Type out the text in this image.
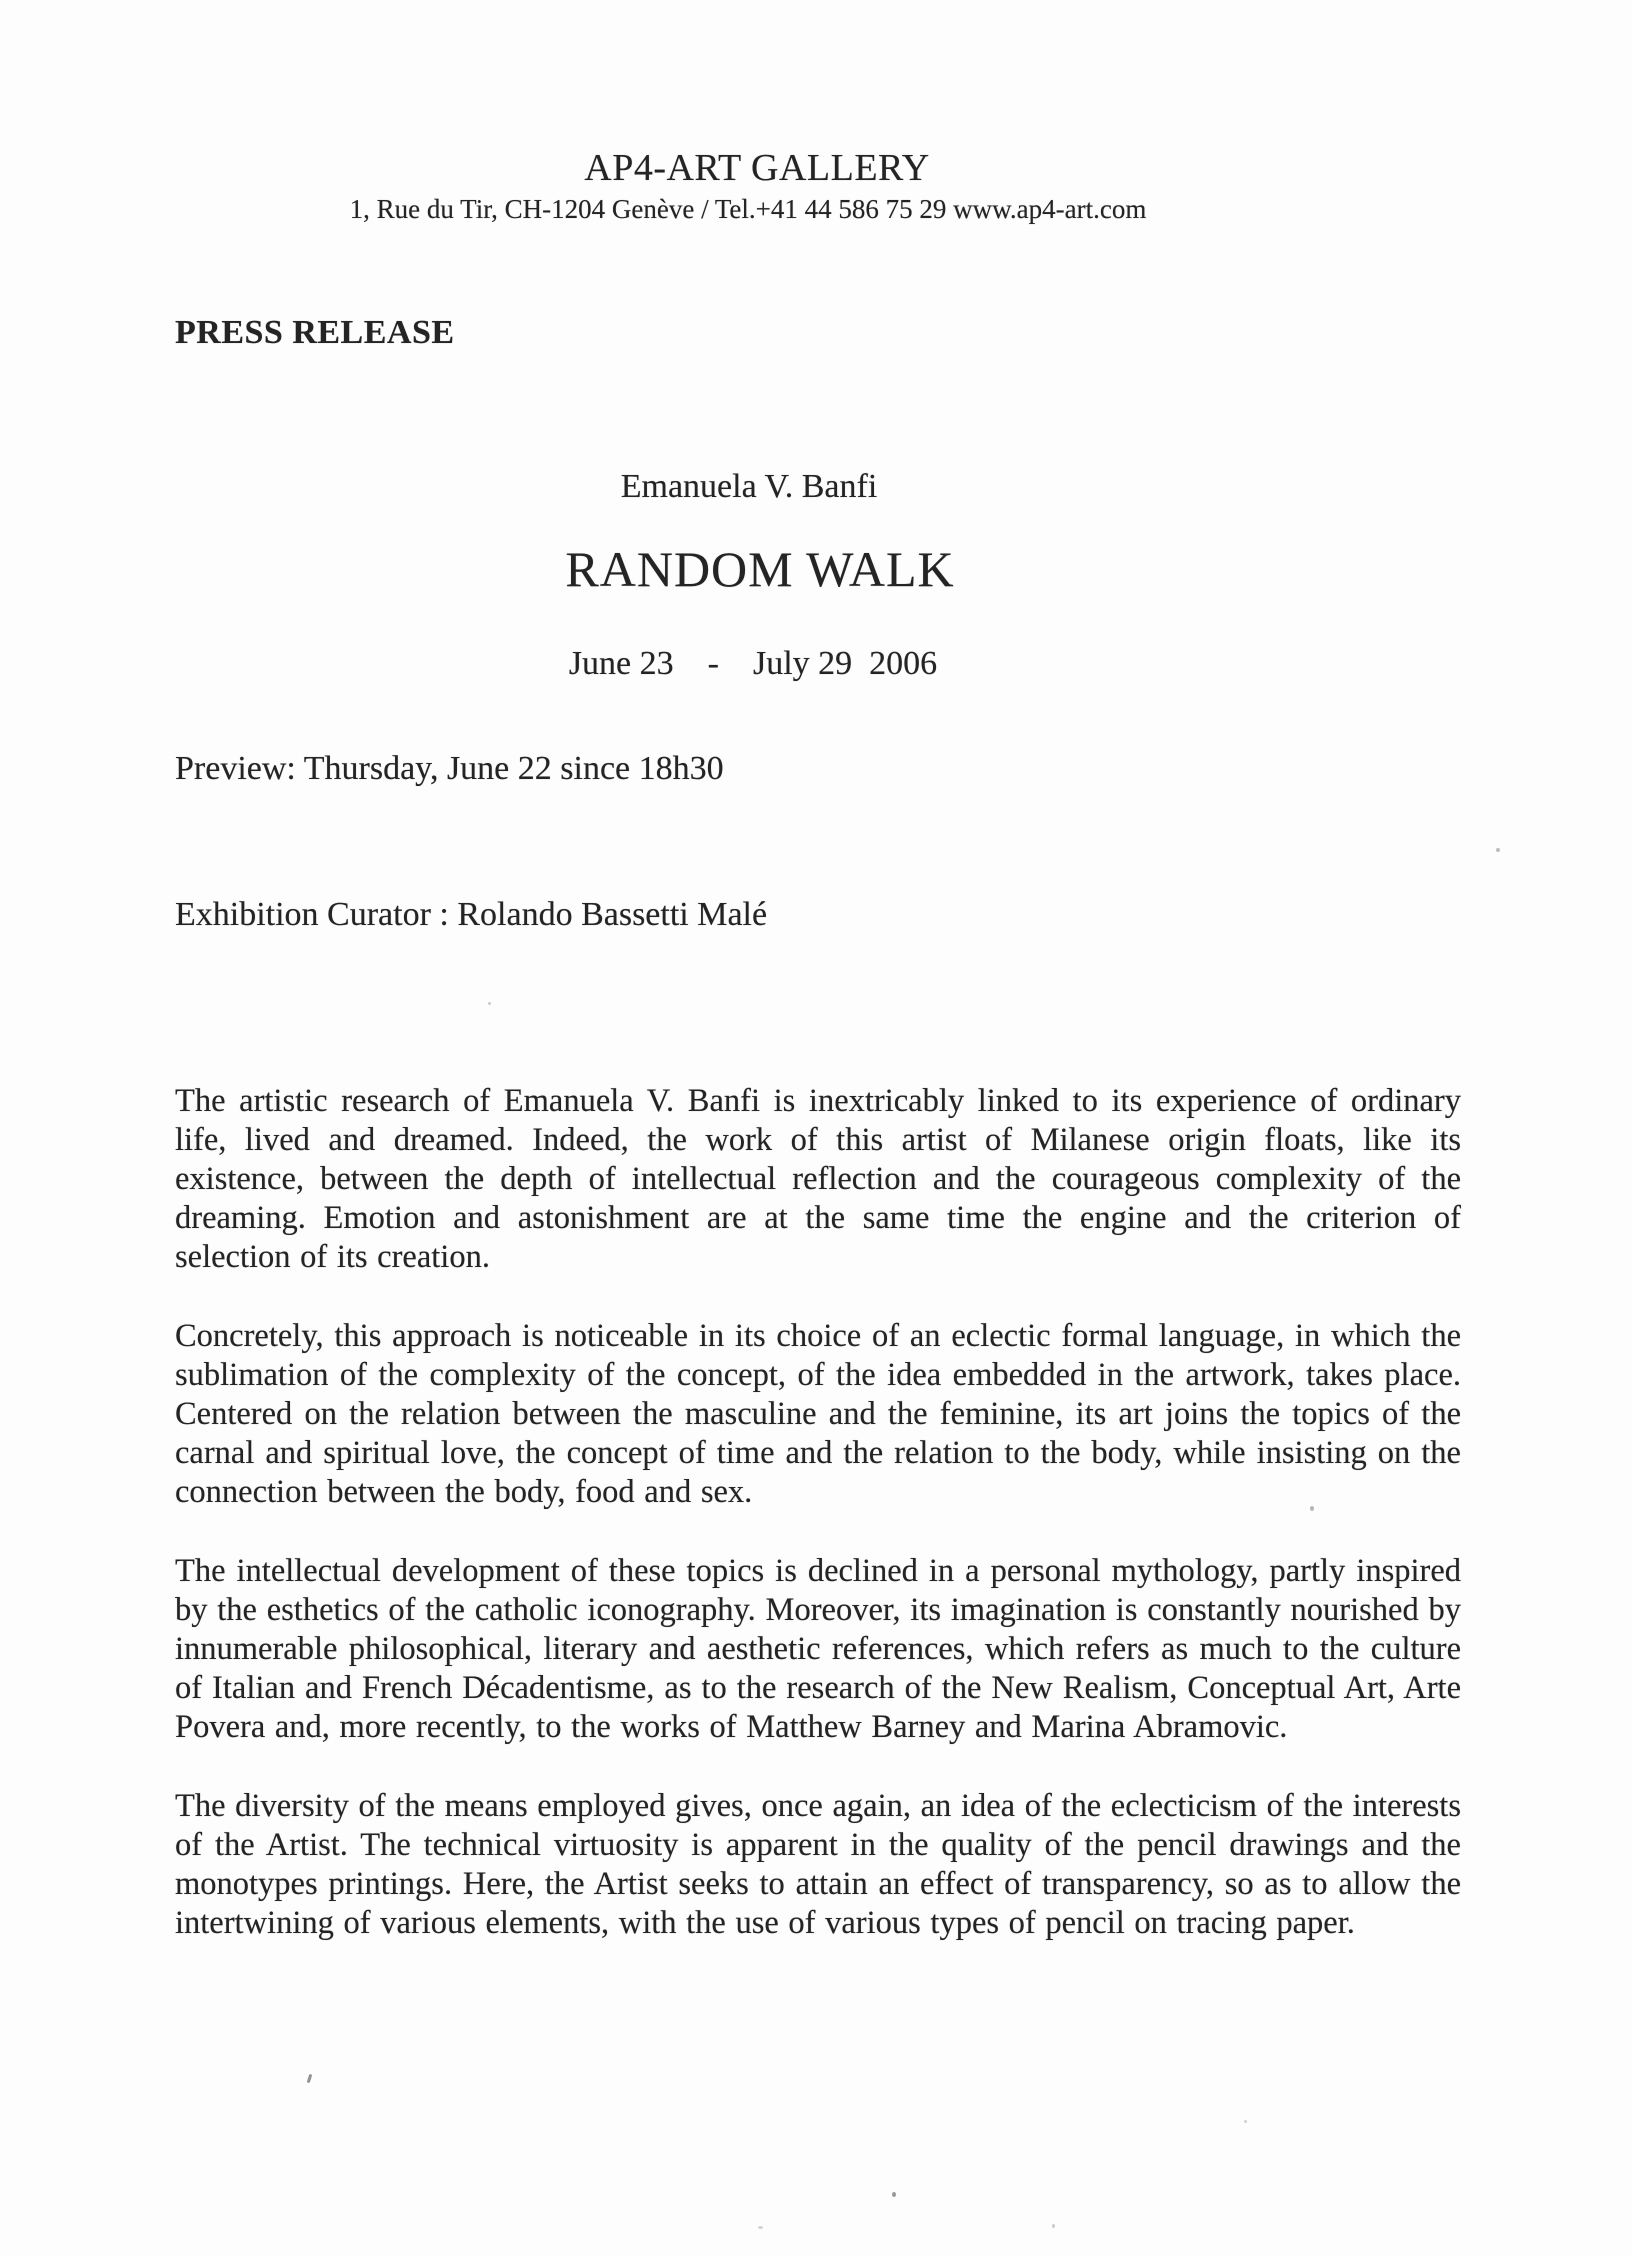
AP4-ART GALLERY
1, Rue du Tir, CH-1204 Genève / Tel.+41 44 586 75 29 www.ap4-art.com
PRESS RELEASE
Emanuela V. Banfi
RANDOM WALK
June 23    -    July 29  2006
Preview: Thursday, June 22 since 18h30
Exhibition Curator : Rolando Bassetti Malé

The artistic research of Emanuela V. Banfi is inextricably linked to its experience of ordinary life, lived and dreamed. Indeed, the work of this artist of Milanese origin floats, like its existence, between the depth of intellectual reflection and the courageous complexity of the dreaming. Emotion and astonishment are at the same time the engine and the criterion of selection of its creation.

Concretely, this approach is noticeable in its choice of an eclectic formal language, in which the sublimation of the complexity of the concept, of the idea embedded in the artwork, takes place. Centered on the relation between the masculine and the feminine, its art joins the topics of the carnal and spiritual love, the concept of time and the relation to the body, while insisting on the connection between the body, food and sex.

The intellectual development of these topics is declined in a personal mythology, partly inspired by the esthetics of the catholic iconography. Moreover, its imagination is constantly nourished by innumerable philosophical, literary and aesthetic references, which refers as much to the culture of Italian and French Décadentisme, as to the research of the New Realism, Conceptual Art, Arte Povera and, more recently, to the works of Matthew Barney and Marina Abramovic.

The diversity of the means employed gives, once again, an idea of the eclecticism of the interests of the Artist. The technical virtuosity is apparent in the quality of the pencil drawings and the monotypes printings. Here, the Artist seeks to attain an effect of transparency, so as to allow the intertwining of various elements, with the use of various types of pencil on tracing paper.
